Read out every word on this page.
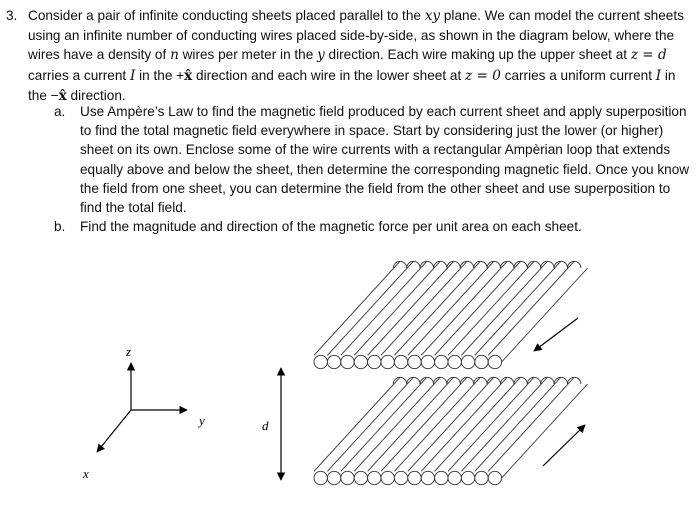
3. Consider a pair of infinite conducting sheets placed parallel to the xy plane. We can model the current sheets using an infinite number of conducting wires placed side-by-side, as shown in the diagram below, where the wires have a density of n wires per meter in the y direction. Each wire making up the upper sheet at z = d carries a current I in the +x̂ direction and each wire in the lower sheet at z = 0 carries a uniform current I in the −x̂ direction.
a. Use Ampère’s Law to find the magnetic field produced by each current sheet and apply superposition to find the total magnetic field everywhere in space. Start by considering just the lower (or higher) sheet on its own. Enclose some of the wire currents with a rectangular Ampèrian loop that extends equally above and below the sheet, then determine the corresponding magnetic field. Once you know the field from one sheet, you can determine the field from the other sheet and use superposition to find the total field.
b. Find the magnitude and direction of the magnetic force per unit area on each sheet.
z
y
x
d
